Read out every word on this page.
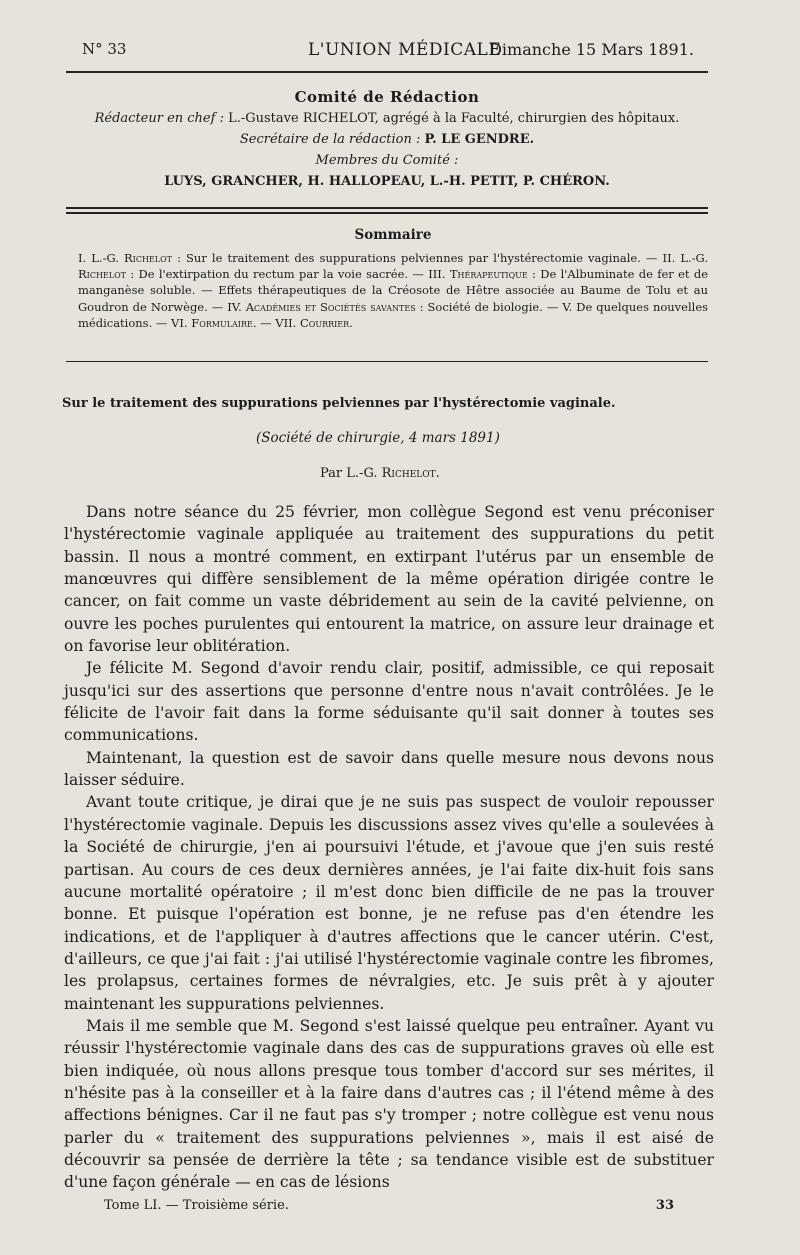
N° 33	L'UNION MÉDICALE
Dimanche 15 Mars 1891.
Comité de Rédaction
Rédacteur en chef : L.-Gustave RICHELOT, agrégé à la Faculté, chirurgien des hôpitaux.
Secrétaire de la rédaction : P. LE GENDRE.
Membres du Comité :
LUYS, GRANCHER, H. HALLOPEAU, L.-H. PETIT, P. CHÉRON.
Sommaire

I. L.-G. Richelot : Sur le traitement des suppurations pelviennes par l'hystérectomie vaginale. — II. L.-G. Richelot : De l'extirpation du rectum par la voie sacrée. — III. Thérapeutique : De l'Albuminate de fer et de manganèse soluble. — Effets thérapeutiques de la Créosote de Hêtre associée au Baume de Tolu et au Goudron de Norwège. — IV. Académies et Sociétés savantes : Société de biologie. — V. De quelques nouvelles médications. — VI. Formulaire. — VII. Courrier.

Sur le traitement des suppurations pelviennes par l'hystérectomie vaginale.
(Société de chirurgie, 4 mars 1891)
Par L.-G. Richelot.

Dans notre séance du 25 février, mon collègue Segond est venu préconiser l'hystérectomie vaginale appliquée au traitement des suppurations du petit bassin. Il nous a montré comment, en extirpant l'utérus par un ensemble de manœuvres qui diffère sensiblement de la même opération dirigée contre le cancer, on fait comme un vaste débridement au sein de la cavité pelvienne, on ouvre les poches purulentes qui entourent la matrice, on assure leur drainage et on favorise leur oblitération.

Je félicite M. Segond d'avoir rendu clair, positif, admissible, ce qui reposait jusqu'ici sur des assertions que personne d'entre nous n'avait contrôlées. Je le félicite de l'avoir fait dans la forme séduisante qu'il sait donner à toutes ses communications.

Maintenant, la question est de savoir dans quelle mesure nous devons nous laisser séduire.

Avant toute critique, je dirai que je ne suis pas suspect de vouloir repousser l'hystérectomie vaginale. Depuis les discussions assez vives qu'elle a soulevées à la Société de chirurgie, j'en ai poursuivi l'étude, et j'avoue que j'en suis resté partisan. Au cours de ces deux dernières années, je l'ai faite dix-huit fois sans aucune mortalité opératoire ; il m'est donc bien difficile de ne pas la trouver bonne. Et puisque l'opération est bonne, je ne refuse pas d'en étendre les indications, et de l'appliquer à d'autres affections que le cancer utérin. C'est, d'ailleurs, ce que j'ai fait : j'ai utilisé l'hystérectomie vaginale contre les fibromes, les prolapsus, certaines formes de névralgies, etc. Je suis prêt à y ajouter maintenant les suppurations pelviennes.

Mais il me semble que M. Segond s'est laissé quelque peu entraîner. Ayant vu réussir l'hystérectomie vaginale dans des cas de suppurations graves où elle est bien indiquée, où nous allons presque tous tomber d'accord sur ses mérites, il n'hésite pas à la conseiller et à la faire dans d'autres cas ; il l'étend même à des affections bénignes. Car il ne faut pas s'y tromper ; notre collègue est venu nous parler du « traitement des suppurations pelviennes », mais il est aisé de découvrir sa pensée de derrière la tête ; sa tendance visible est de substituer d'une façon générale — en cas de lésions

Tome LI. — Troisième série.	33
